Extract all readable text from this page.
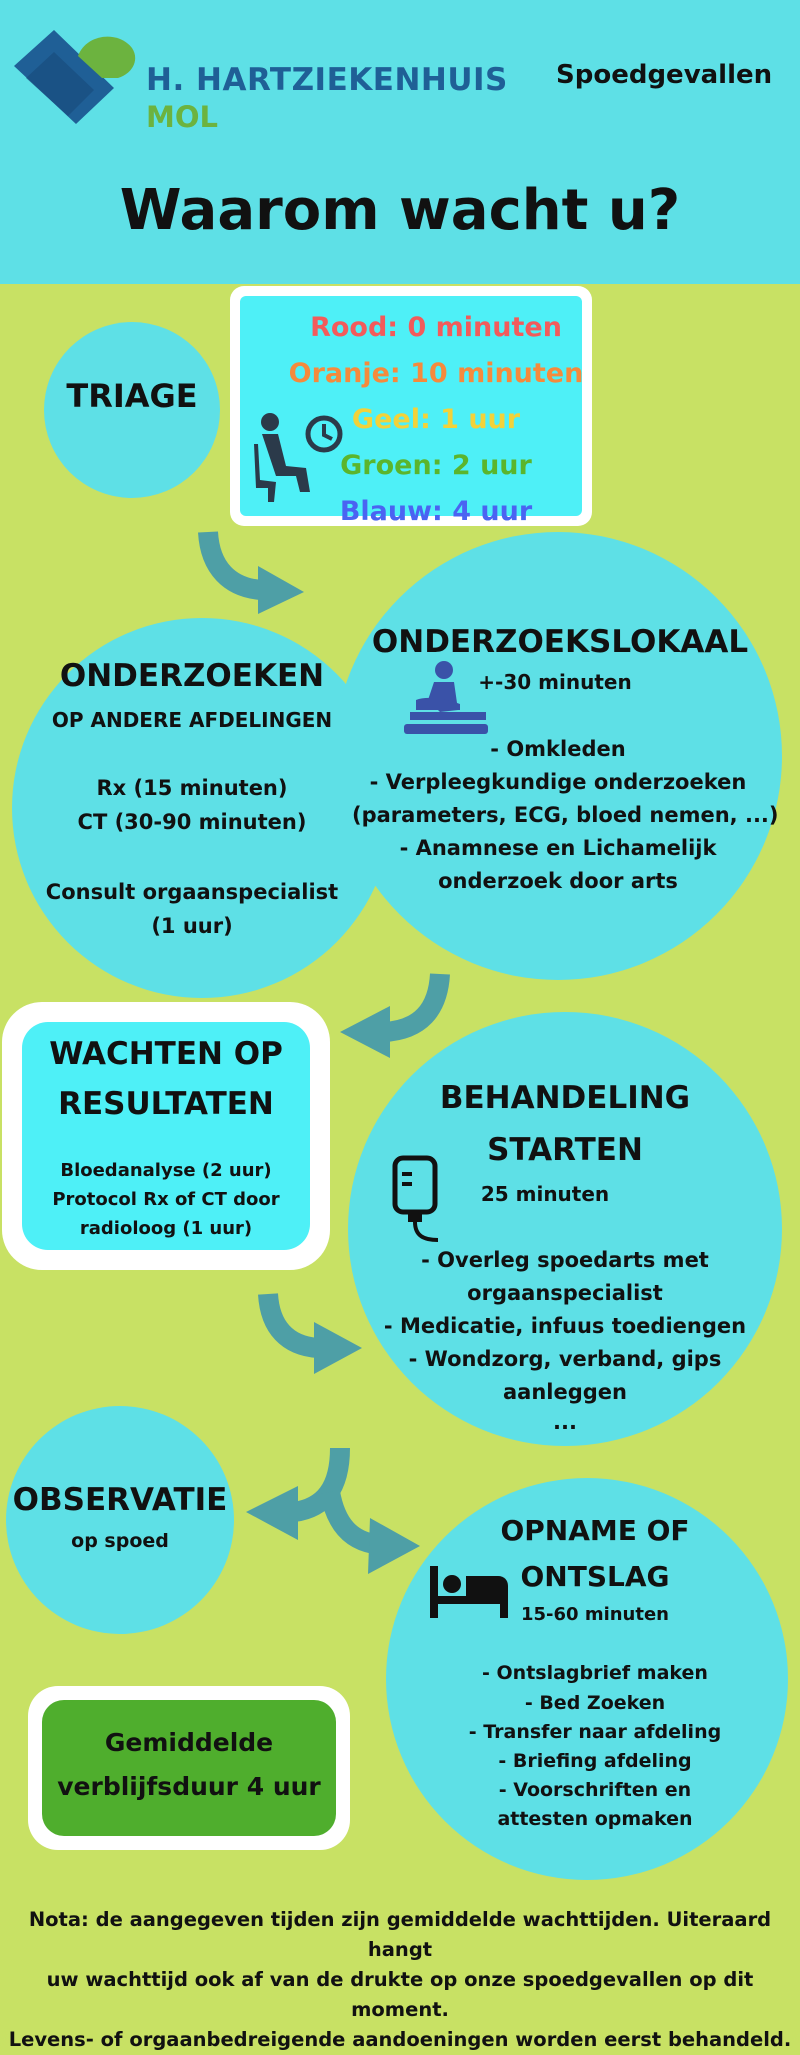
H. HARTZIEKENHUIS
MOL
Spoedgevallen
Waarom wacht u?
TRIAGE
Rood: 0 minuten
Oranje: 10 minuten
Geel: 1 uur
Groen: 2 uur
Blauw: 4 uur
ONDERZOEKEN
OP ANDERE AFDELINGEN
Rx (15 minuten)
CT (30-90 minuten)
Consult orgaanspecialist
(1 uur)
ONDERZOEKSLOKAAL
+-30 minuten
- Omkleden
- Verpleegkundige onderzoeken
(parameters, ECG, bloed nemen, ...)
- Anamnese en Lichamelijk
onderzoek door arts
WACHTEN OP
RESULTATEN
Bloedanalyse (2 uur)
Protocol Rx of CT door
radioloog (1 uur)
BEHANDELING
STARTEN
25 minuten
- Overleg spoedarts met
orgaanspecialist
- Medicatie, infuus toediengen
- Wondzorg, verband, gips
aanleggen
...
OBSERVATIE
op spoed	OPNAME OF
ONTSLAG
15-60 minuten
- Ontslagbrief maken
- Bed Zoeken
- Transfer naar afdeling
- Briefing afdeling
- Voorschriften en
attesten opmaken
Gemiddelde
verblijfsduur 4 uur
Nota: de aangegeven tijden zijn gemiddelde wachttijden. Uiteraard hangt
uw wachttijd ook af van de drukte op onze spoedgevallen op dit moment.
Levens- of orgaanbedreigende aandoeningen worden eerst behandeld.
